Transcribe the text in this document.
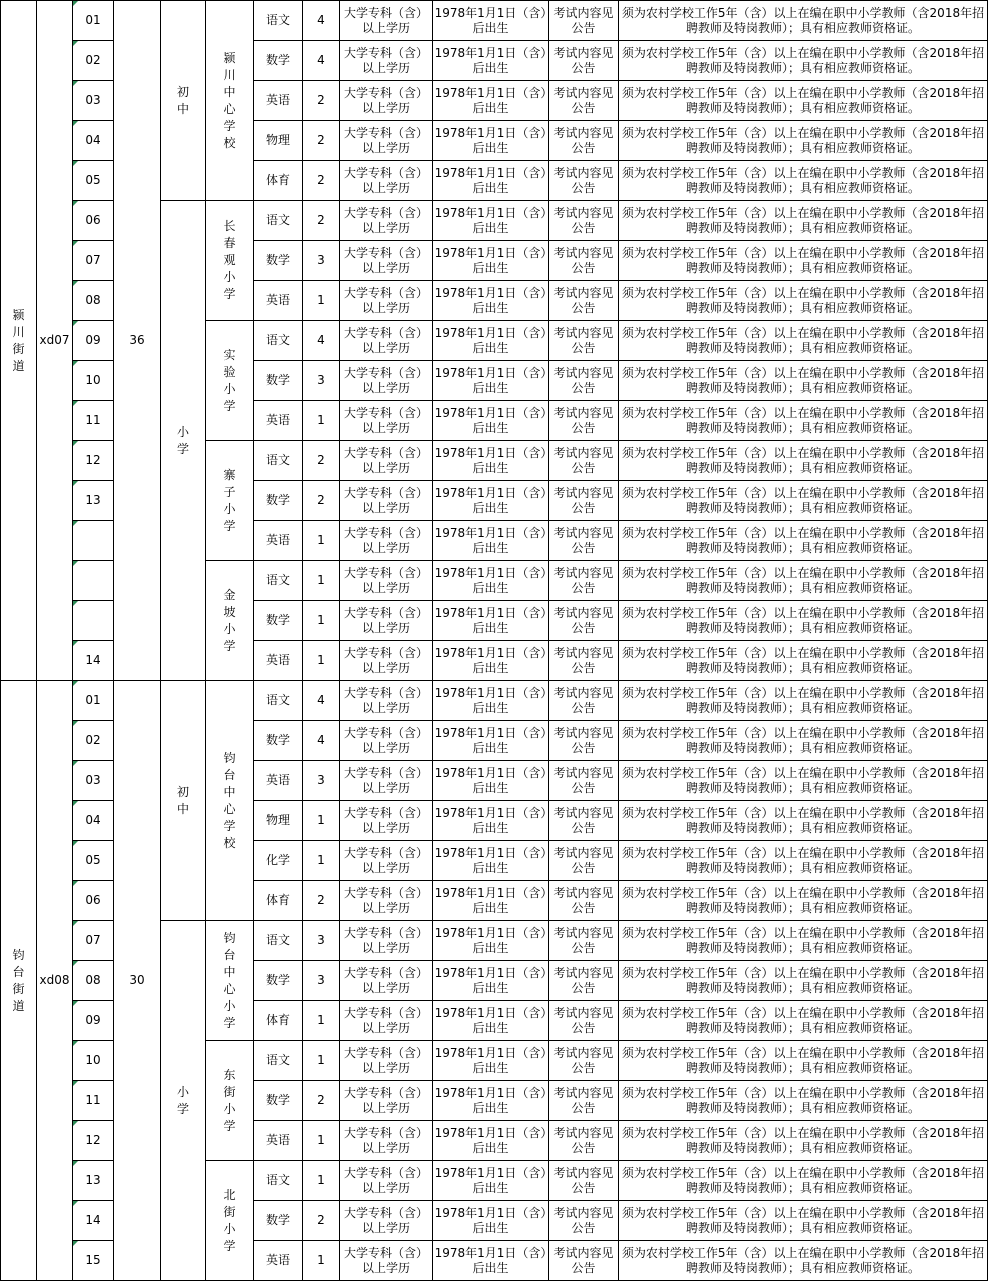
颍川街道	xd07	01	36	初中	颍川中心学校	语文	4	大学专科（含）以上学历	1978年1月1日（含）后出生	考试内容见公告	须为农村学校工作5年（含）以上在编在职中小学教师（含2018年招聘教师及特岗教师）；具有相应教师资格证。
		02				数学	4	大学专科（含）以上学历	1978年1月1日（含）后出生	考试内容见公告	须为农村学校工作5年（含）以上在编在职中小学教师（含2018年招聘教师及特岗教师）；具有相应教师资格证。
		03				英语	2	大学专科（含）以上学历	1978年1月1日（含）后出生	考试内容见公告	须为农村学校工作5年（含）以上在编在职中小学教师（含2018年招聘教师及特岗教师）；具有相应教师资格证。
		04				物理	2	大学专科（含）以上学历	1978年1月1日（含）后出生	考试内容见公告	须为农村学校工作5年（含）以上在编在职中小学教师（含2018年招聘教师及特岗教师）；具有相应教师资格证。
		05				体育	2	大学专科（含）以上学历	1978年1月1日（含）后出生	考试内容见公告	须为农村学校工作5年（含）以上在编在职中小学教师（含2018年招聘教师及特岗教师）；具有相应教师资格证。
		06		小学	长春观小学	语文	2	大学专科（含）以上学历	1978年1月1日（含）后出生	考试内容见公告	须为农村学校工作5年（含）以上在编在职中小学教师（含2018年招聘教师及特岗教师）；具有相应教师资格证。
		07				数学	3	大学专科（含）以上学历	1978年1月1日（含）后出生	考试内容见公告	须为农村学校工作5年（含）以上在编在职中小学教师（含2018年招聘教师及特岗教师）；具有相应教师资格证。
		08				英语	1	大学专科（含）以上学历	1978年1月1日（含）后出生	考试内容见公告	须为农村学校工作5年（含）以上在编在职中小学教师（含2018年招聘教师及特岗教师）；具有相应教师资格证。
		09			实验小学	语文	4	大学专科（含）以上学历	1978年1月1日（含）后出生	考试内容见公告	须为农村学校工作5年（含）以上在编在职中小学教师（含2018年招聘教师及特岗教师）；具有相应教师资格证。
		10				数学	3	大学专科（含）以上学历	1978年1月1日（含）后出生	考试内容见公告	须为农村学校工作5年（含）以上在编在职中小学教师（含2018年招聘教师及特岗教师）；具有相应教师资格证。
		11				英语	1	大学专科（含）以上学历	1978年1月1日（含）后出生	考试内容见公告	须为农村学校工作5年（含）以上在编在职中小学教师（含2018年招聘教师及特岗教师）；具有相应教师资格证。
		12			寨子小学	语文	2	大学专科（含）以上学历	1978年1月1日（含）后出生	考试内容见公告	须为农村学校工作5年（含）以上在编在职中小学教师（含2018年招聘教师及特岗教师）；具有相应教师资格证。
		13				数学	2	大学专科（含）以上学历	1978年1月1日（含）后出生	考试内容见公告	须为农村学校工作5年（含）以上在编在职中小学教师（含2018年招聘教师及特岗教师）；具有相应教师资格证。
						英语	1	大学专科（含）以上学历	1978年1月1日（含）后出生	考试内容见公告	须为农村学校工作5年（含）以上在编在职中小学教师（含2018年招聘教师及特岗教师）；具有相应教师资格证。
					金坡小学	语文	1	大学专科（含）以上学历	1978年1月1日（含）后出生	考试内容见公告	须为农村学校工作5年（含）以上在编在职中小学教师（含2018年招聘教师及特岗教师）；具有相应教师资格证。
						数学	1	大学专科（含）以上学历	1978年1月1日（含）后出生	考试内容见公告	须为农村学校工作5年（含）以上在编在职中小学教师（含2018年招聘教师及特岗教师）；具有相应教师资格证。
		14				英语	1	大学专科（含）以上学历	1978年1月1日（含）后出生	考试内容见公告	须为农村学校工作5年（含）以上在编在职中小学教师（含2018年招聘教师及特岗教师）；具有相应教师资格证。
钧台街道	xd08	01	30	初中	钧台中心学校	语文	4	大学专科（含）以上学历	1978年1月1日（含）后出生	考试内容见公告	须为农村学校工作5年（含）以上在编在职中小学教师（含2018年招聘教师及特岗教师）；具有相应教师资格证。
		02				数学	4	大学专科（含）以上学历	1978年1月1日（含）后出生	考试内容见公告	须为农村学校工作5年（含）以上在编在职中小学教师（含2018年招聘教师及特岗教师）；具有相应教师资格证。
		03				英语	3	大学专科（含）以上学历	1978年1月1日（含）后出生	考试内容见公告	须为农村学校工作5年（含）以上在编在职中小学教师（含2018年招聘教师及特岗教师）；具有相应教师资格证。
		04				物理	1	大学专科（含）以上学历	1978年1月1日（含）后出生	考试内容见公告	须为农村学校工作5年（含）以上在编在职中小学教师（含2018年招聘教师及特岗教师）；具有相应教师资格证。
		05				化学	1	大学专科（含）以上学历	1978年1月1日（含）后出生	考试内容见公告	须为农村学校工作5年（含）以上在编在职中小学教师（含2018年招聘教师及特岗教师）；具有相应教师资格证。
		06				体育	2	大学专科（含）以上学历	1978年1月1日（含）后出生	考试内容见公告	须为农村学校工作5年（含）以上在编在职中小学教师（含2018年招聘教师及特岗教师）；具有相应教师资格证。
		07		小学	钧台中心小学	语文	3	大学专科（含）以上学历	1978年1月1日（含）后出生	考试内容见公告	须为农村学校工作5年（含）以上在编在职中小学教师（含2018年招聘教师及特岗教师）；具有相应教师资格证。
		08				数学	3	大学专科（含）以上学历	1978年1月1日（含）后出生	考试内容见公告	须为农村学校工作5年（含）以上在编在职中小学教师（含2018年招聘教师及特岗教师）；具有相应教师资格证。
		09				体育	1	大学专科（含）以上学历	1978年1月1日（含）后出生	考试内容见公告	须为农村学校工作5年（含）以上在编在职中小学教师（含2018年招聘教师及特岗教师）；具有相应教师资格证。
		10			东街小学	语文	1	大学专科（含）以上学历	1978年1月1日（含）后出生	考试内容见公告	须为农村学校工作5年（含）以上在编在职中小学教师（含2018年招聘教师及特岗教师）；具有相应教师资格证。
		11				数学	2	大学专科（含）以上学历	1978年1月1日（含）后出生	考试内容见公告	须为农村学校工作5年（含）以上在编在职中小学教师（含2018年招聘教师及特岗教师）；具有相应教师资格证。
		12				英语	1	大学专科（含）以上学历	1978年1月1日（含）后出生	考试内容见公告	须为农村学校工作5年（含）以上在编在职中小学教师（含2018年招聘教师及特岗教师）；具有相应教师资格证。
		13			北街小学	语文	1	大学专科（含）以上学历	1978年1月1日（含）后出生	考试内容见公告	须为农村学校工作5年（含）以上在编在职中小学教师（含2018年招聘教师及特岗教师）；具有相应教师资格证。
		14				数学	2	大学专科（含）以上学历	1978年1月1日（含）后出生	考试内容见公告	须为农村学校工作5年（含）以上在编在职中小学教师（含2018年招聘教师及特岗教师）；具有相应教师资格证。
		15				英语	1	大学专科（含）以上学历	1978年1月1日（含）后出生	考试内容见公告	须为农村学校工作5年（含）以上在编在职中小学教师（含2018年招聘教师及特岗教师）；具有相应教师资格证。
